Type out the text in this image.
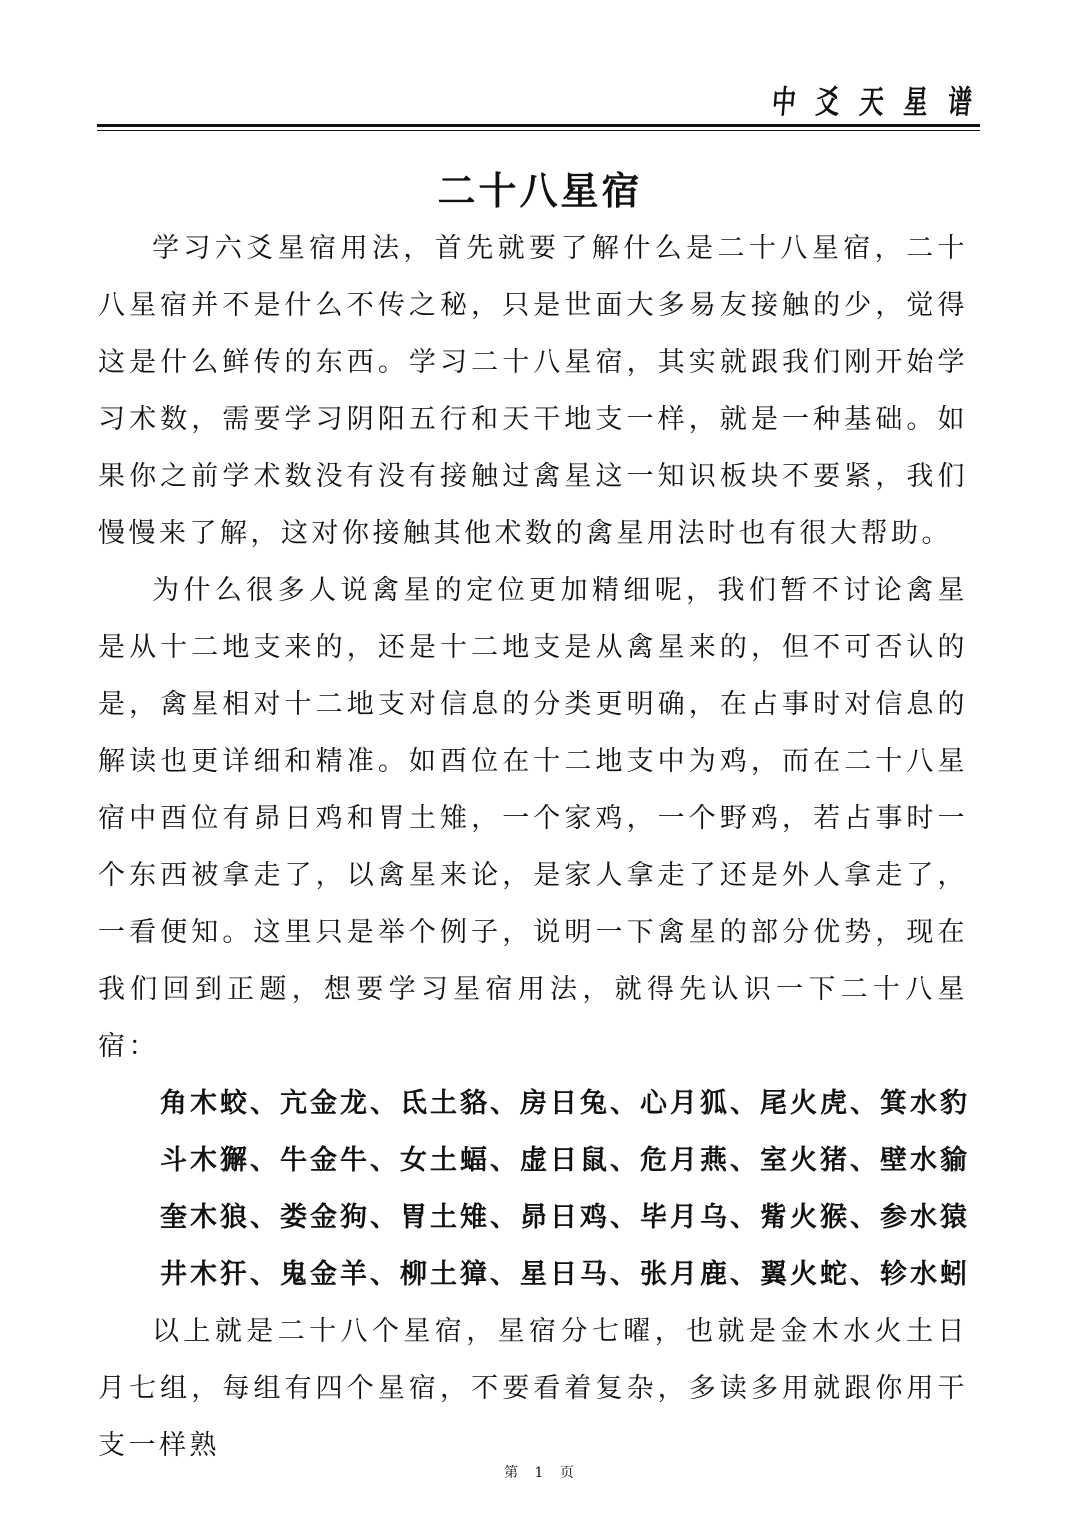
中 爻 天 星 谱
二十八星宿

学习六爻星宿用法，首先就要了解什么是二十八星宿，二十八星宿并不是什么不传之秘，只是世面大多易友接触的少，觉得这是什么鲜传的东西。学习二十八星宿，其实就跟我们刚开始学习术数，需要学习阴阳五行和天干地支一样，就是一种基础。如果你之前学术数没有没有接触过禽星这一知识板块不要紧，我们慢慢来了解，这对你接触其他术数的禽星用法时也有很大帮助。

为什么很多人说禽星的定位更加精细呢，我们暂不讨论禽星是从十二地支来的，还是十二地支是从禽星来的，但不可否认的是，禽星相对十二地支对信息的分类更明确，在占事时对信息的解读也更详细和精准。如酉位在十二地支中为鸡，而在二十八星宿中酉位有昴日鸡和胃土雉，一个家鸡，一个野鸡，若占事时一个东西被拿走了，以禽星来论，是家人拿走了还是外人拿走了，一看便知。这里只是举个例子，说明一下禽星的部分优势，现在我们回到正题，想要学习星宿用法，就得先认识一下二十八星宿：

角木蛟、亢金龙、氐土貉、房日兔、心月狐、尾火虎、箕水豹
斗木獬、牛金牛、女土蝠、虚日鼠、危月燕、室火猪、壁水貐
奎木狼、娄金狗、胃土雉、昴日鸡、毕月乌、觜火猴、参水猿
井木犴、鬼金羊、柳土獐、星日马、张月鹿、翼火蛇、轸水蚓

以上就是二十八个星宿，星宿分七曜，也就是金木水火土日月七组，每组有四个星宿，不要看着复杂，多读多用就跟你用干支一样熟

第 1 页
